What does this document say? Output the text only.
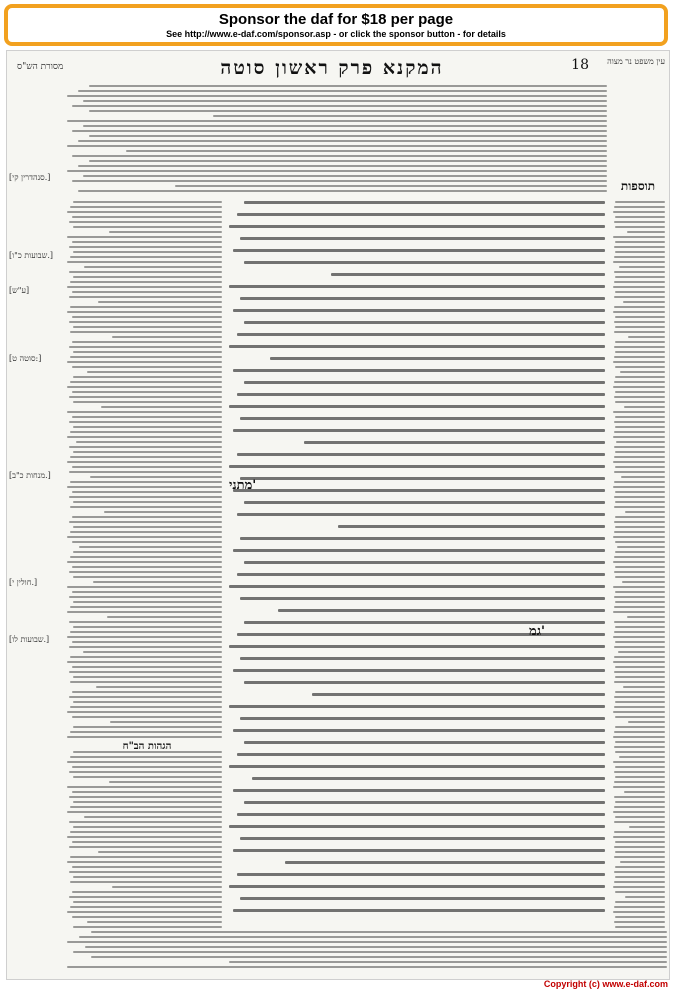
Sponsor the daf for $18 per page
See http://www.e-daf.com/sponsor.asp - or click the sponsor button - for details
מסורת הש"ס	המקנא פרק ראשון סוטה	18	עין משפט נר מצוה
תוספות
הגהות הב"ח
מתני'
גמ'
[סנהדרין קי.]
[שבועות כ"ו.]
[ע"ש]
[סוטה ט:]
[מנחות כ"ב.]
[חולין י.]
[שבועות לו.]
Copyright (c) www.e-daf.com
